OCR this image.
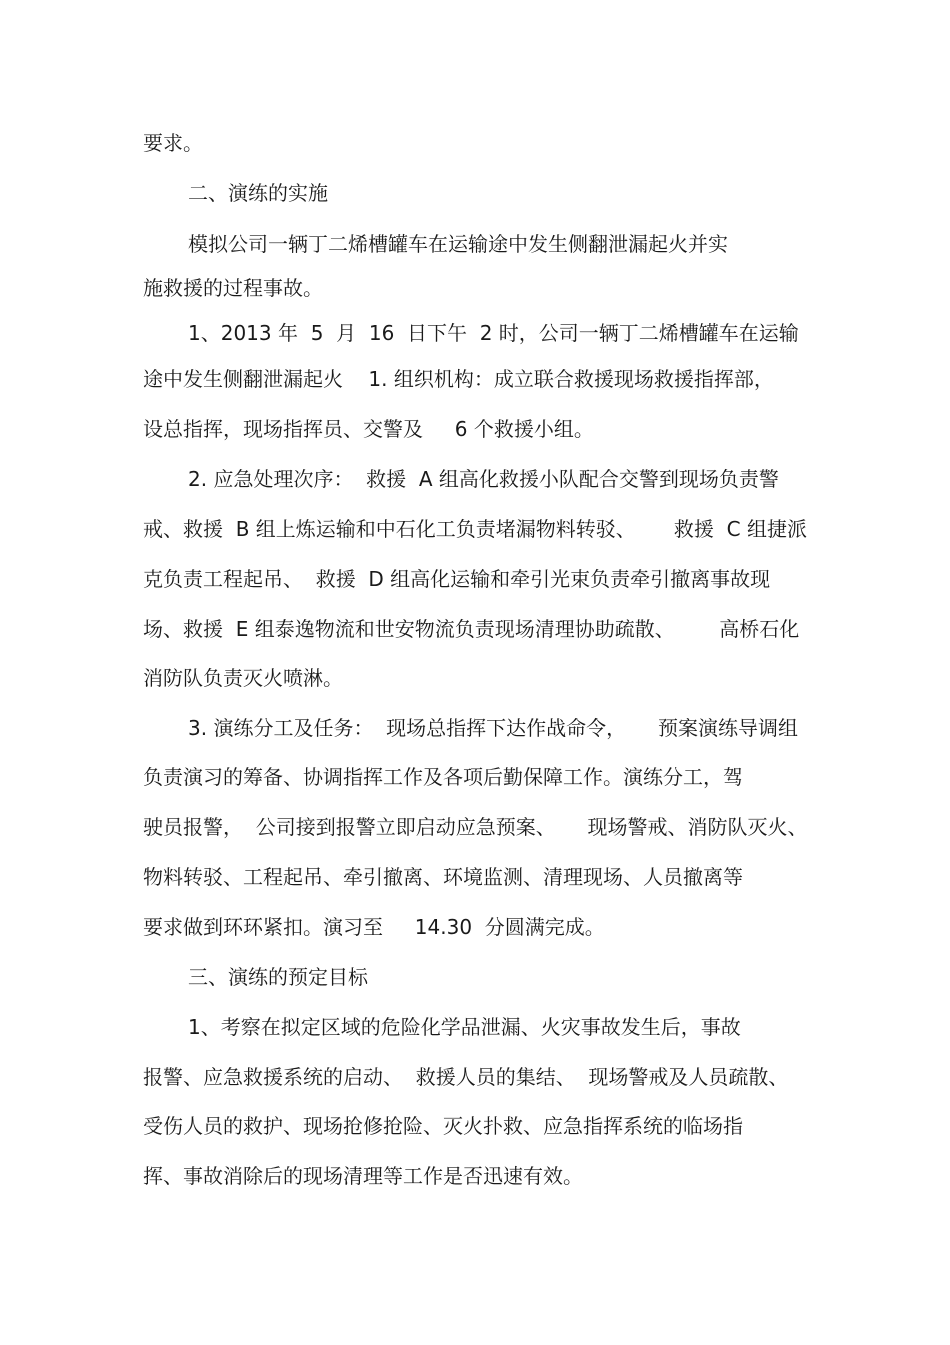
要求。

二、演练的实施

模拟公司一辆丁二烯槽罐车在运输途中发生侧翻泄漏起火并实

施救援的过程事故。

1、2013 年  5  月  16  日下午  2 时，公司一辆丁二烯槽罐车在运输

途中发生侧翻泄漏起火    1. 组织机构：成立联合救援现场救援指挥部，

设总指挥，现场指挥员、交警及     6 个救援小组。

2. 应急处理次序：  救援  A 组高化救援小队配合交警到现场负责警

戒、救援  B 组上炼运输和中石化工负责堵漏物料转驳、      救援  C 组捷派

克负责工程起吊、  救援  D 组高化运输和牵引光束负责牵引撤离事故现

场、救援  E 组泰逸物流和世安物流负责现场清理协助疏散、       高桥石化

消防队负责灭火喷淋。

3. 演练分工及任务：  现场总指挥下达作战命令，     预案演练导调组

负责演习的筹备、协调指挥工作及各项后勤保障工作。演练分工，驾

驶员报警，  公司接到报警立即启动应急预案、     现场警戒、消防队灭火、

物料转驳、工程起吊、牵引撤离、环境监测、清理现场、人员撤离等

要求做到环环紧扣。演习至     14.30  分圆满完成。

三、演练的预定目标

1、考察在拟定区域的危险化学品泄漏、火灾事故发生后，事故

报警、应急救援系统的启动、  救援人员的集结、  现场警戒及人员疏散、

受伤人员的救护、现场抢修抢险、灭火扑救、应急指挥系统的临场指

挥、事故消除后的现场清理等工作是否迅速有效。
